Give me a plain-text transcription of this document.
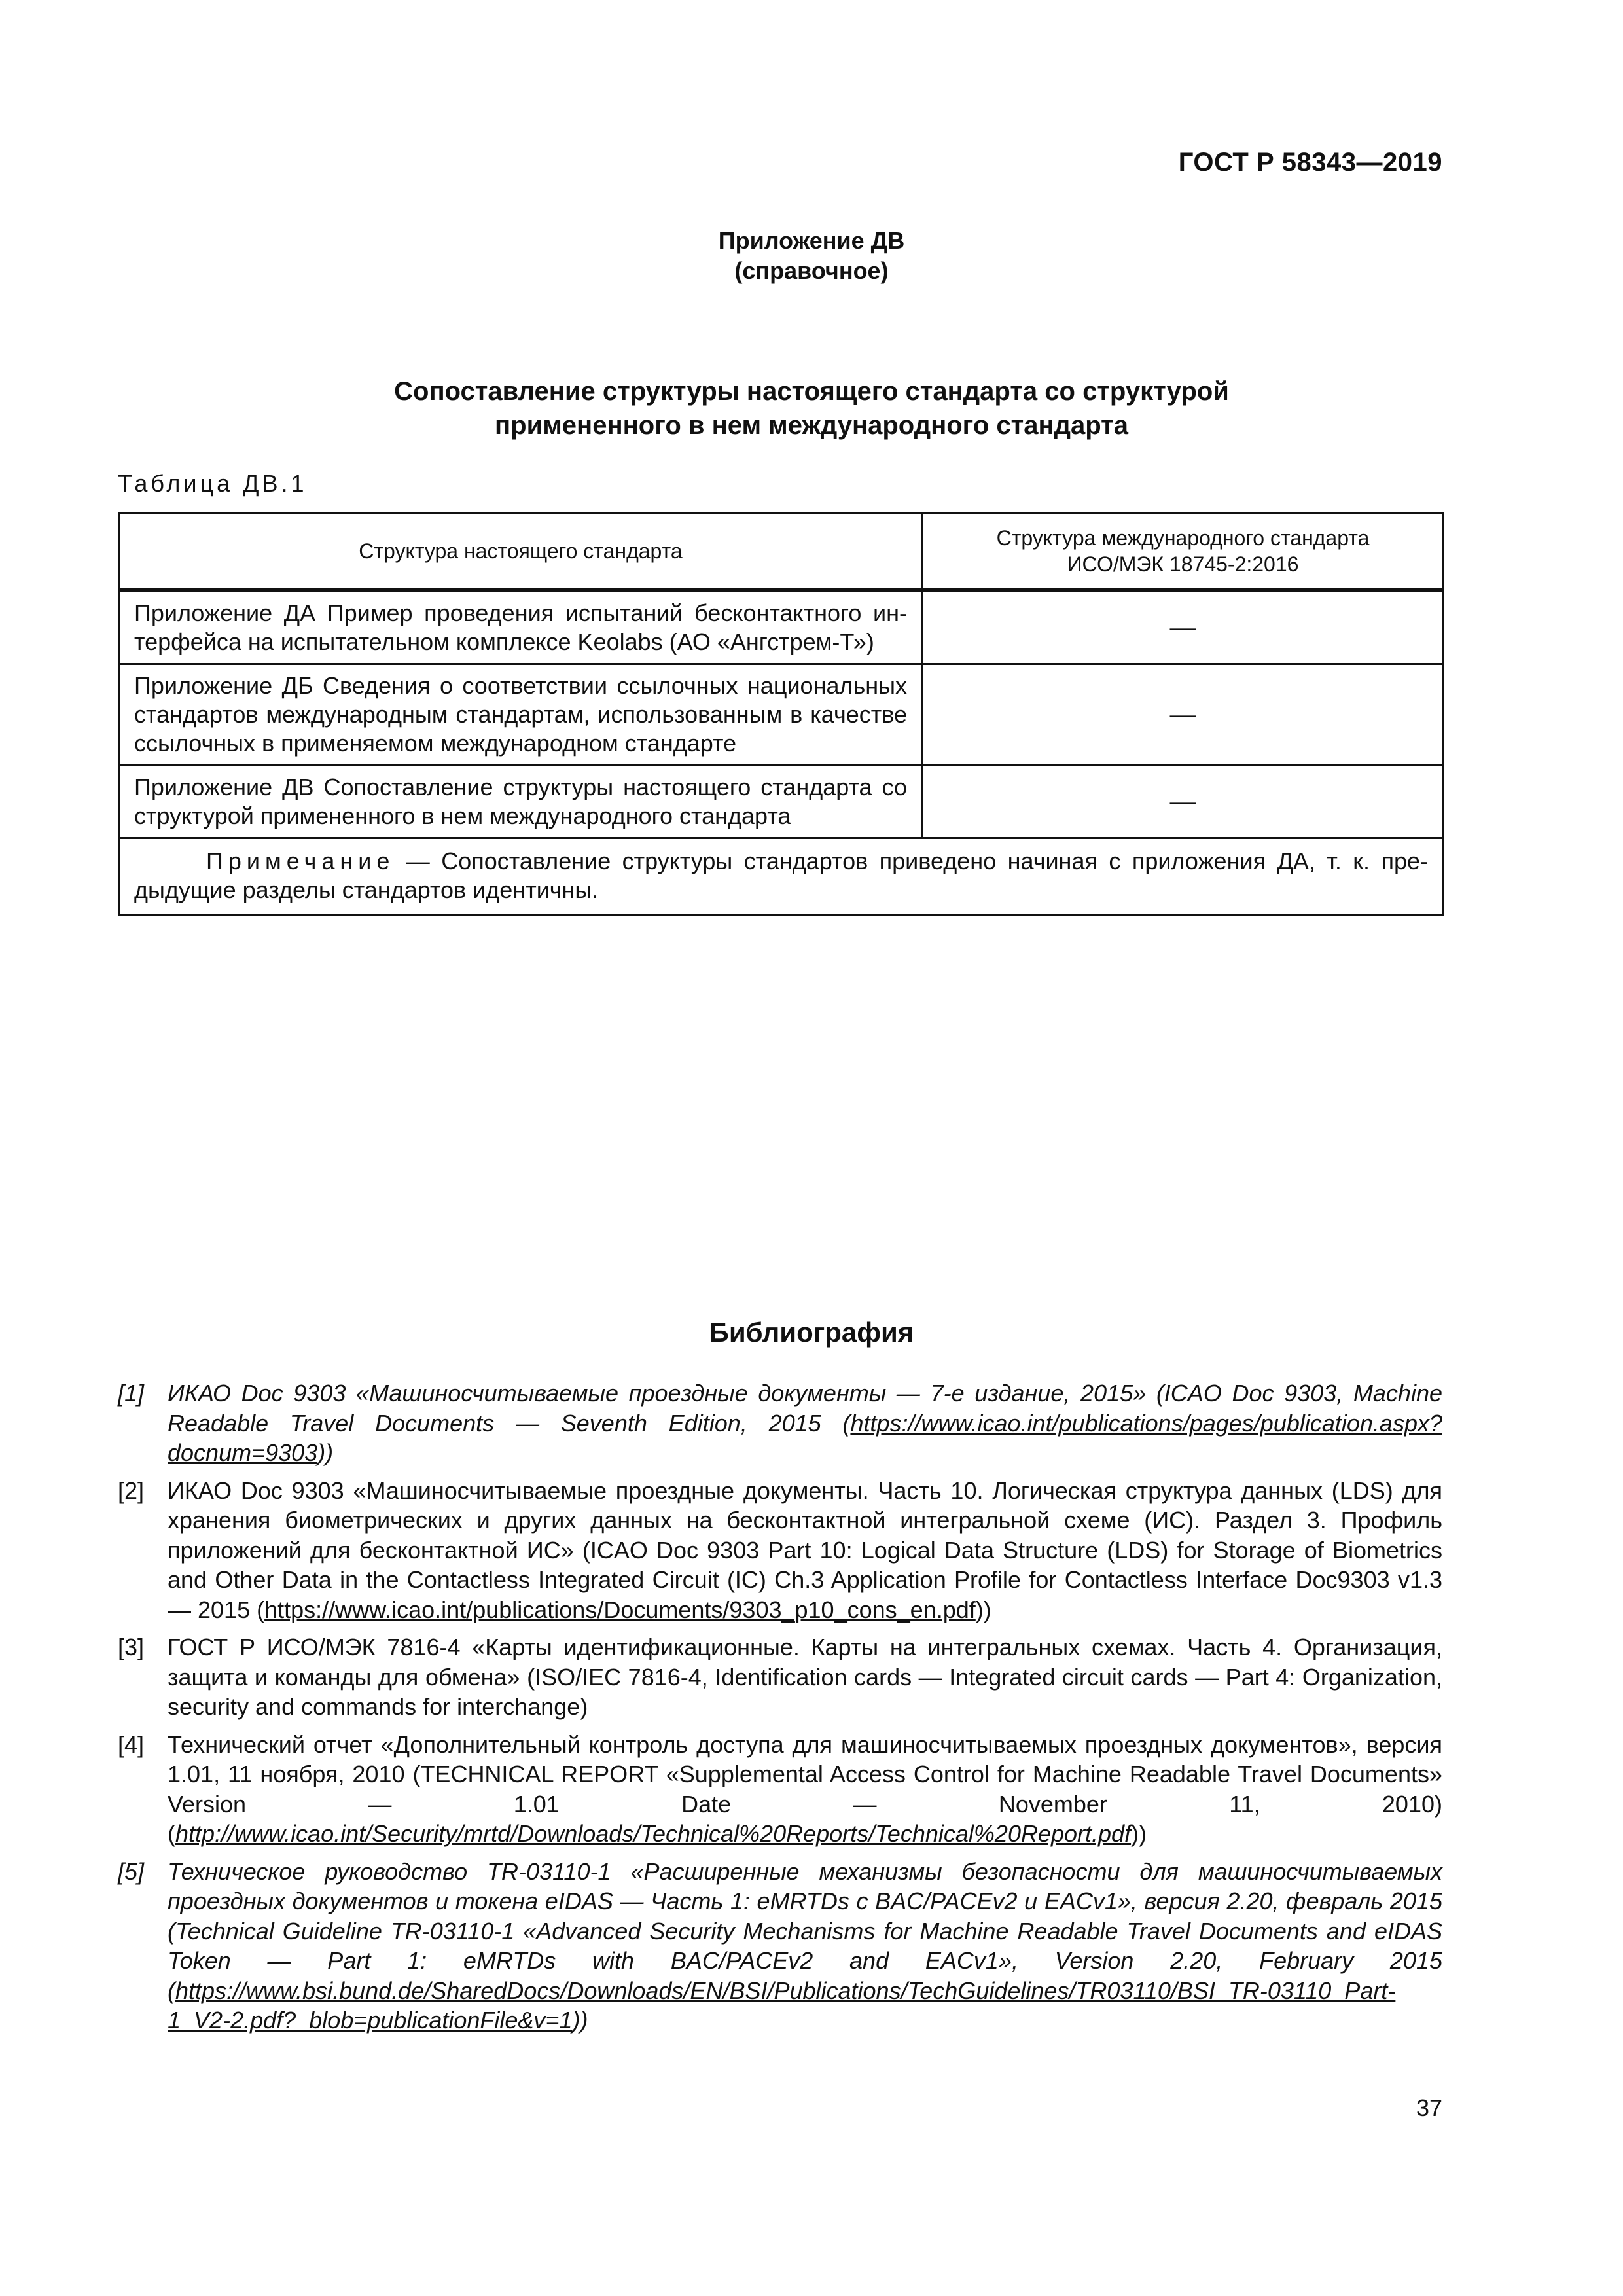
ГОСТ Р 58343—2019
Приложение ДВ
(справочное)
Сопоставление структуры настоящего стандарта со структурой
примененного в нем международного стандарта
Таблица ДВ.1
Структура настоящего стандарта	Структура международного стандарта
ИСО/МЭК 18745-2:2016

Приложение ДА Пример проведения испытаний бесконтактного интерфейса на испытательном комплексе Keolabs (АО «Ангстрем-Т»)	—
Приложение ДБ Сведения о соответствии ссылочных национальных стандартов международным стандартам, использованным в качестве ссылочных в применяемом международном стандарте	—
Приложение ДВ Сопоставление структуры настоящего стандарта со структурой примененного в нем международного стандарта	—
Примечание — Сопоставление структуры стандартов приведено начиная с приложения ДА, т. к. предыдущие разделы стандартов идентичны.	
Библиография
[1] ИКАО Doc 9303 «Машиносчитываемые проездные документы — 7-е издание, 2015» (ICAO Doc 9303, Machine Readable Travel Documents — Seventh Edition, 2015 (https://www.icao.int/publications/pages/publication.aspx?docnum=9303))
[2] ИКАО Doc 9303 «Машиносчитываемые проездные документы. Часть 10. Логическая структура данных (LDS) для хранения биометрических и других данных на бесконтактной интегральной схеме (ИС). Раздел 3. Профиль приложений для бесконтактной ИС» (ICAO Doc 9303 Part 10: Logical Data Structure (LDS) for Storage of Biometrics and Other Data in the Contactless Integrated Circuit (IC) Ch.3 Application Profile for Contactless Interface Doc9303 v1.3 — 2015 (https://www.icao.int/publications/Documents/9303_p10_cons_en.pdf))
[3] ГОСТ Р ИСО/МЭК 7816-4 «Карты идентификационные. Карты на интегральных схемах. Часть 4. Организация, защита и команды для обмена» (ISO/IEC 7816-4, Identification cards — Integrated circuit cards — Part 4: Organization, security and commands for interchange)
[4] Технический отчет «Дополнительный контроль доступа для машиносчитываемых проездных документов», версия 1.01, 11 ноября, 2010 (TECHNICAL REPORT «Supplemental Access Control for Machine Readable Travel Documents» Version — 1.01 Date — November 11, 2010) (http://www.icao.int/Security/mrtd/Downloads/Technical%20Reports/Technical%20Report.pdf))
[5] Техническое руководство TR-03110-1 «Расширенные механизмы безопасности для машиносчитываемых проездных документов и токена eIDAS — Часть 1: eMRTDs с BAC/PACEv2 и EACv1», версия 2.20, февраль 2015 (Technical Guideline TR-03110-1 «Advanced Security Mechanisms for Machine Readable Travel Documents and eIDAS Token — Part 1: eMRTDs with BAC/PACEv2 and EACv1», Version 2.20, February 2015 (https://www.bsi.bund.de/SharedDocs/Downloads/EN/BSI/Publications/TechGuidelines/TR03110/BSI_TR-03110_Part-1_V2-2.pdf?_blob=publicationFile&v=1))
37
